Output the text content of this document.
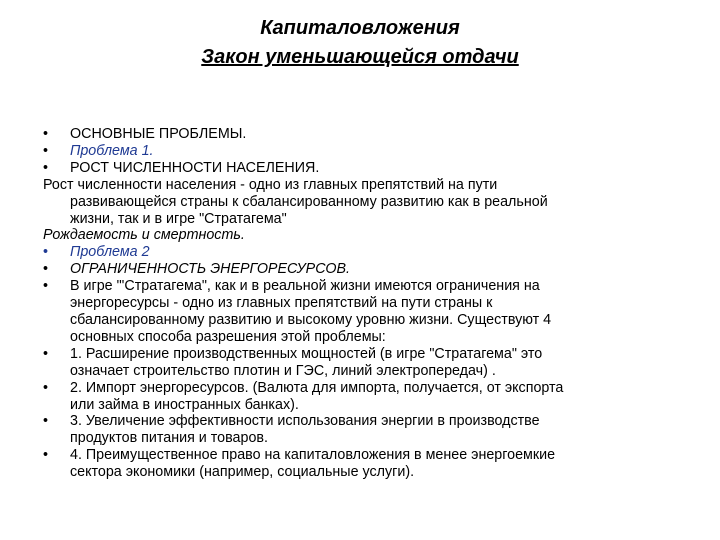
Капиталовложения
Закон уменьшающейся отдачи
•	ОСНОВНЫЕ ПРОБЛЕМЫ.
•	Проблема 1.
•	РОСТ ЧИСЛЕННОСТИ НАСЕЛЕНИЯ.
Рост численности населения - одно из главных препятствий на пути
развивающейся страны к сбалансированному развитию как в реальной
жизни, так и в игре "Стратагема"
Рождаемость и смертность.
•	Проблема 2
•	ОГРАНИЧЕННОСТЬ ЭНЕРГОРЕСУРСОВ.
•	В игре "'Стратагема", как и в реальной жизни имеются ограничения на
энергоресурсы - одно из главных препятствий на пути страны к
сбалансированному развитию и высокому уровню жизни. Существуют 4
основных способа разрешения этой проблемы:
•	1. Расширение производственных мощностей (в игре "Стратагема" это
означает строительство плотин и ГЭС, линий электропередач) .
•	2. Импорт энергоресурсов. (Валюта для импорта, получается, от экспорта
или займа в иностранных банках).
•	3. Увеличение эффективности использования энергии в производстве
продуктов питания и товаров.
•	4. Преимущественное право на капиталовложения в менее энергоемкие
сектора экономики (например, социальные услуги).
